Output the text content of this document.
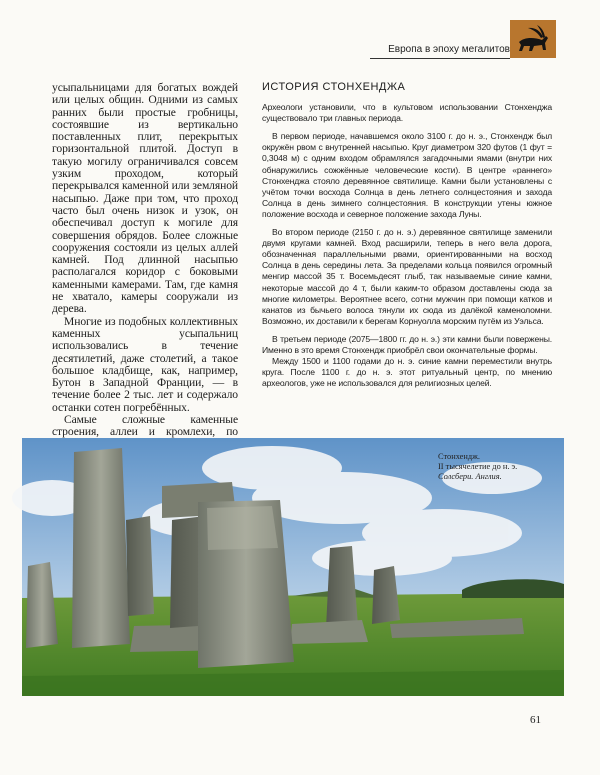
Европа в эпоху мегалитов

усыпальницами для богатых вождей или целых общин. Одними из самых ранних были простые гробницы, состоявшие из вертикально поставленных плит, перекрытых горизонтальной плитой. Доступ в такую могилу ограничивался совсем узким проходом, который перекрывался каменной или земляной насыпью. Даже при том, что проход часто был очень низок и узок, он обеспечивал доступ к могиле для совершения обрядов. Более сложные сооружения состояли из целых аллей камней. Под длинной насыпью располагался коридор с боковыми каменными камерами. Там, где камня не хватало, камеры сооружали из дерева.

Многие из подобных коллективных каменных усыпальниц использовались в течение десятилетий, даже столетий, а такое большое кладбище, как, например, Бутон в Западной Франции, — в течение более 2 тыс. лет и содержало останки сотен погребённых.

Самые сложные каменные строения, аллеи и кромлехи, по

ИСТОРИЯ СТОНХЕНДЖА

Археологи установили, что в культовом использовании Стонхенджа существовало три главных периода.

В первом периоде, начавшемся около 3100 г. до н. э., Стонхендж был окружён рвом с внутренней насыпью. Круг диаметром 320 футов (1 фут = 0,3048 м) с одним входом обрамлялся загадочными ямами (внутри них обнаружились сожжённые человеческие кости). В центре «раннего» Стонхенджа стояло деревянное святилище. Камни были установлены с учётом точки восхода Солнца в день летнего солнцестояния и захода Солнца в день зимнего солнцестояния. В конструкции утены южное положение восхода и северное положение захода Луны.

Во втором периоде (2150 г. до н. э.) деревянное святилище заменили двумя кругами камней. Вход расширили, теперь в него вела дорога, обозначенная параллельными рвами, ориентированными на восход Солнца в день середины лета. За пределами кольца появился огромный менгир массой 35 т. Восемьдесят глыб, так называемые синие камни, некоторые массой до 4 т, были каким-то образом доставлены сюда за многие километры. Вероятнее всего, сотни мужчин при помощи катков и канатов из бычьего волоса тянули их сюда из далёкой каменоломни. Возможно, их доставили к берегам Корнуолла морским путём из Уэльса.

В третьем периоде (2075—1800 гг. до н. э.) эти камни были повержены. Именно в это время Стонхендж приобрёл свои окончательные формы.

Между 1500 и 1100 годами до н. э. синие камни переместили внутрь круга. После 1100 г. до н. э. этот ритуальный центр, по мнению археологов, уже не использовался для религиозных целей.

Стонхендж.
II тысячелетие до н. э.
Солсбери. Англия.
61
